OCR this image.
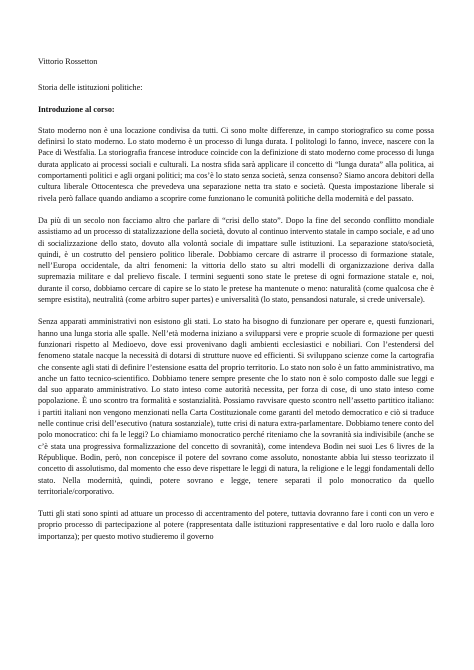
Vittorio Rossetton

Storia delle istituzioni politiche:

Introduzione al corso:

Stato moderno non è una locazione condivisa da tutti. Ci sono molte differenze, in campo storiografico su come possa definirsi lo stato moderno. Lo stato moderno è un processo di lunga durata. I politologi lo fanno, invece, nascere con la Pace di Westfalia. La storiografia francese introduce coincide con la definizione di stato moderno come processo di lunga durata applicato ai processi sociali e culturali. La nostra sfida sarà applicare il concetto di “lunga durata” alla politica, ai comportamenti politici e agli organi politici; ma cos’è lo stato senza società, senza consenso? Siamo ancora debitori della cultura liberale Ottocentesca che prevedeva una separazione netta tra stato e società. Questa impostazione liberale si rivela però fallace quando andiamo a scoprire come funzionano le comunità politiche della modernità e del passato.

Da più di un secolo non facciamo altro che parlare di “crisi dello stato”. Dopo la fine del secondo conflitto mondiale assistiamo ad un processo di statalizzazione della società, dovuto al continuo intervento statale in campo sociale, e ad uno di socializzazione dello stato, dovuto alla volontà sociale di impattare sulle istituzioni. La separazione stato/società, quindi, è un costrutto del pensiero politico liberale. Dobbiamo cercare di astrarre il processo di formazione statale, nell’Europa occidentale, da altri fenomeni: la vittoria dello stato su altri modelli di organizzazione deriva dalla supremazia militare e dal prelievo fiscale. I termini seguenti sono state le pretese di ogni formazione statale e, noi, durante il corso, dobbiamo cercare di capire se lo stato le pretese ha mantenute o meno: naturalità (come qualcosa che è sempre esistita), neutralità (come arbitro super partes) e universalità (lo stato, pensandosi naturale, si crede universale).

Senza apparati amministrativi non esistono gli stati. Lo stato ha bisogno di funzionare per operare e, questi funzionari, hanno una lunga storia alle spalle. Nell’età moderna iniziano a svilupparsi vere e proprie scuole di formazione per questi funzionari rispetto al Medioevo, dove essi provenivano dagli ambienti ecclesiastici e nobiliari. Con l’estendersi del fenomeno statale nacque la necessità di dotarsi di strutture nuove ed efficienti. Si sviluppano scienze come la cartografia che consente agli stati di definire l’estensione esatta del proprio territorio. Lo stato non solo è un fatto amministrativo, ma anche un fatto tecnico-scientifico. Dobbiamo tenere sempre presente che lo stato non è solo composto dalle sue leggi e dal suo apparato amministrativo. Lo stato inteso come autorità necessita, per forza di cose, di uno stato inteso come popolazione. È uno scontro tra formalità e sostanzialità. Possiamo ravvisare questo scontro nell’assetto partitico italiano: i partiti italiani non vengono menzionati nella Carta Costituzionale come garanti del metodo democratico e ciò si traduce nelle continue crisi dell’esecutivo (natura sostanziale), tutte crisi di natura extra-parlamentare. Dobbiamo tenere conto del polo monocratico: chi fa le leggi? Lo chiamiamo monocratico perché riteniamo che la sovranità sia indivisibile (anche se c’è stata una progressiva formalizzazione del concetto di sovranità), come intendeva Bodin nei suoi Les 6 livres de la République. Bodin, però, non concepisce il potere del sovrano come assoluto, nonostante abbia lui stesso teorizzato il concetto di assolutismo, dal momento che esso deve rispettare le leggi di natura, la religione e le leggi fondamentali dello stato. Nella modernità, quindi, potere sovrano e legge, tenere separati il polo monocratico da quello territoriale/corporativo.

Tutti gli stati sono spinti ad attuare un processo di accentramento del potere, tuttavia dovranno fare i conti con un vero e proprio processo di partecipazione al potere (rappresentata dalle istituzioni rappresentative e dal loro ruolo e dalla loro importanza); per questo motivo studieremo il governo
